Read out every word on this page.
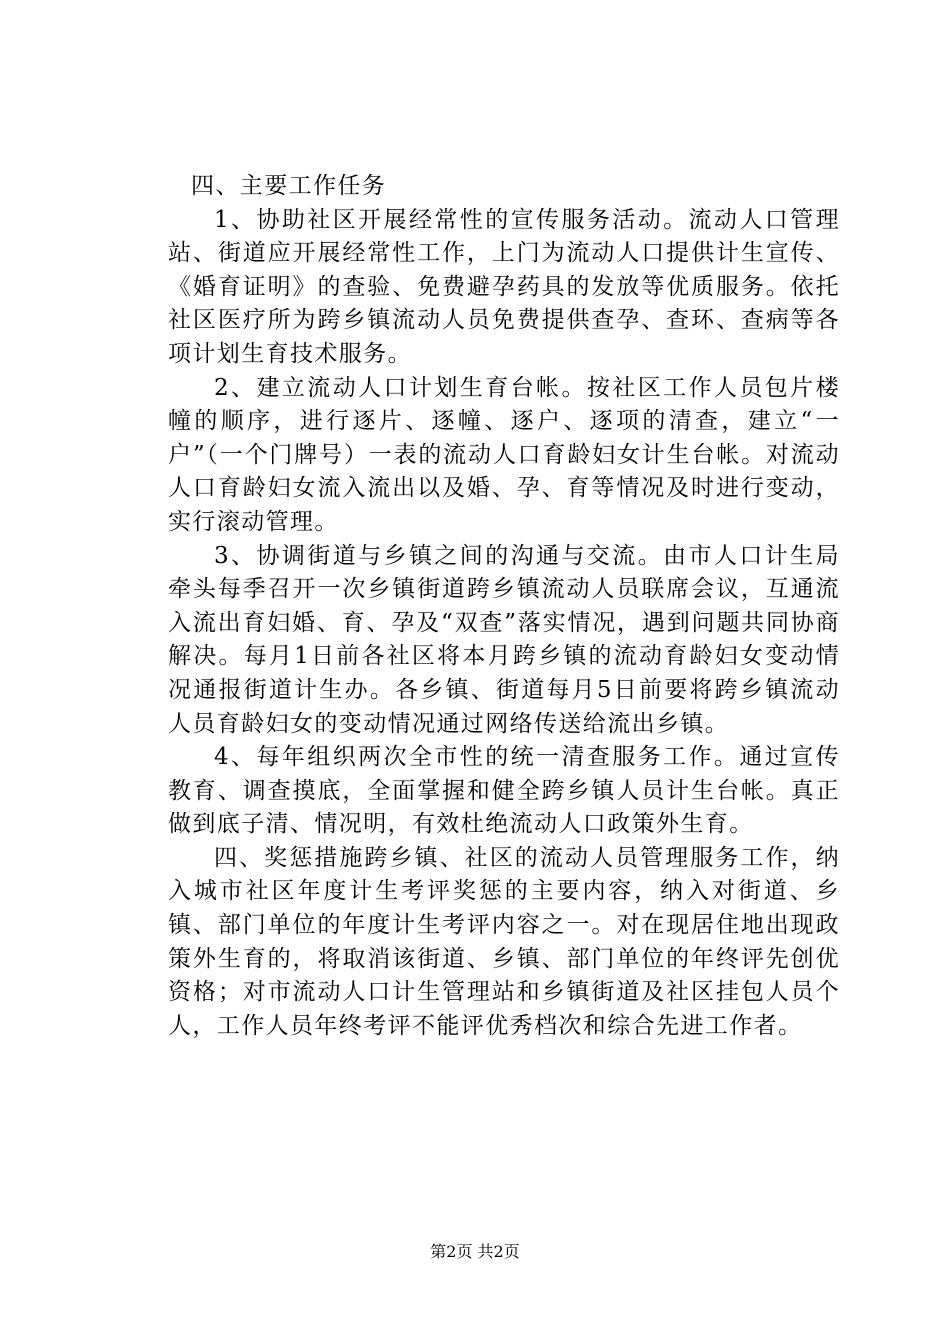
四、主要工作任务

1、协助社区开展经常性的宣传服务活动。流动人口管理站、街道应开展经常性工作，上门为流动人口提供计生宣传、《婚育证明》的查验、免费避孕药具的发放等优质服务。依托社区医疗所为跨乡镇流动人员免费提供查孕、查环、查病等各项计划生育技术服务。

2、建立流动人口计划生育台帐。按社区工作人员包片楼幢的顺序，进行逐片、逐幢、逐户、逐项的清查，建立“一户”（一个门牌号）一表的流动人口育龄妇女计生台帐。对流动人口育龄妇女流入流出以及婚、孕、育等情况及时进行变动，实行滚动管理。

3、协调街道与乡镇之间的沟通与交流。由市人口计生局牵头每季召开一次乡镇街道跨乡镇流动人员联席会议，互通流入流出育妇婚、育、孕及“双查”落实情况，遇到问题共同协商解决。每月1日前各社区将本月跨乡镇的流动育龄妇女变动情况通报街道计生办。各乡镇、街道每月5日前要将跨乡镇流动人员育龄妇女的变动情况通过网络传送给流出乡镇。

4、每年组织两次全市性的统一清查服务工作。通过宣传教育、调查摸底，全面掌握和健全跨乡镇人员计生台帐。真正做到底子清、情况明，有效杜绝流动人口政策外生育。

四、奖惩措施跨乡镇、社区的流动人员管理服务工作，纳入城市社区年度计生考评奖惩的主要内容，纳入对街道、乡镇、部门单位的年度计生考评内容之一。对在现居住地出现政策外生育的，将取消该街道、乡镇、部门单位的年终评先创优资格；对市流动人口计生管理站和乡镇街道及社区挂包人员个人，工作人员年终考评不能评优秀档次和综合先进工作者。

第2页 共2页
